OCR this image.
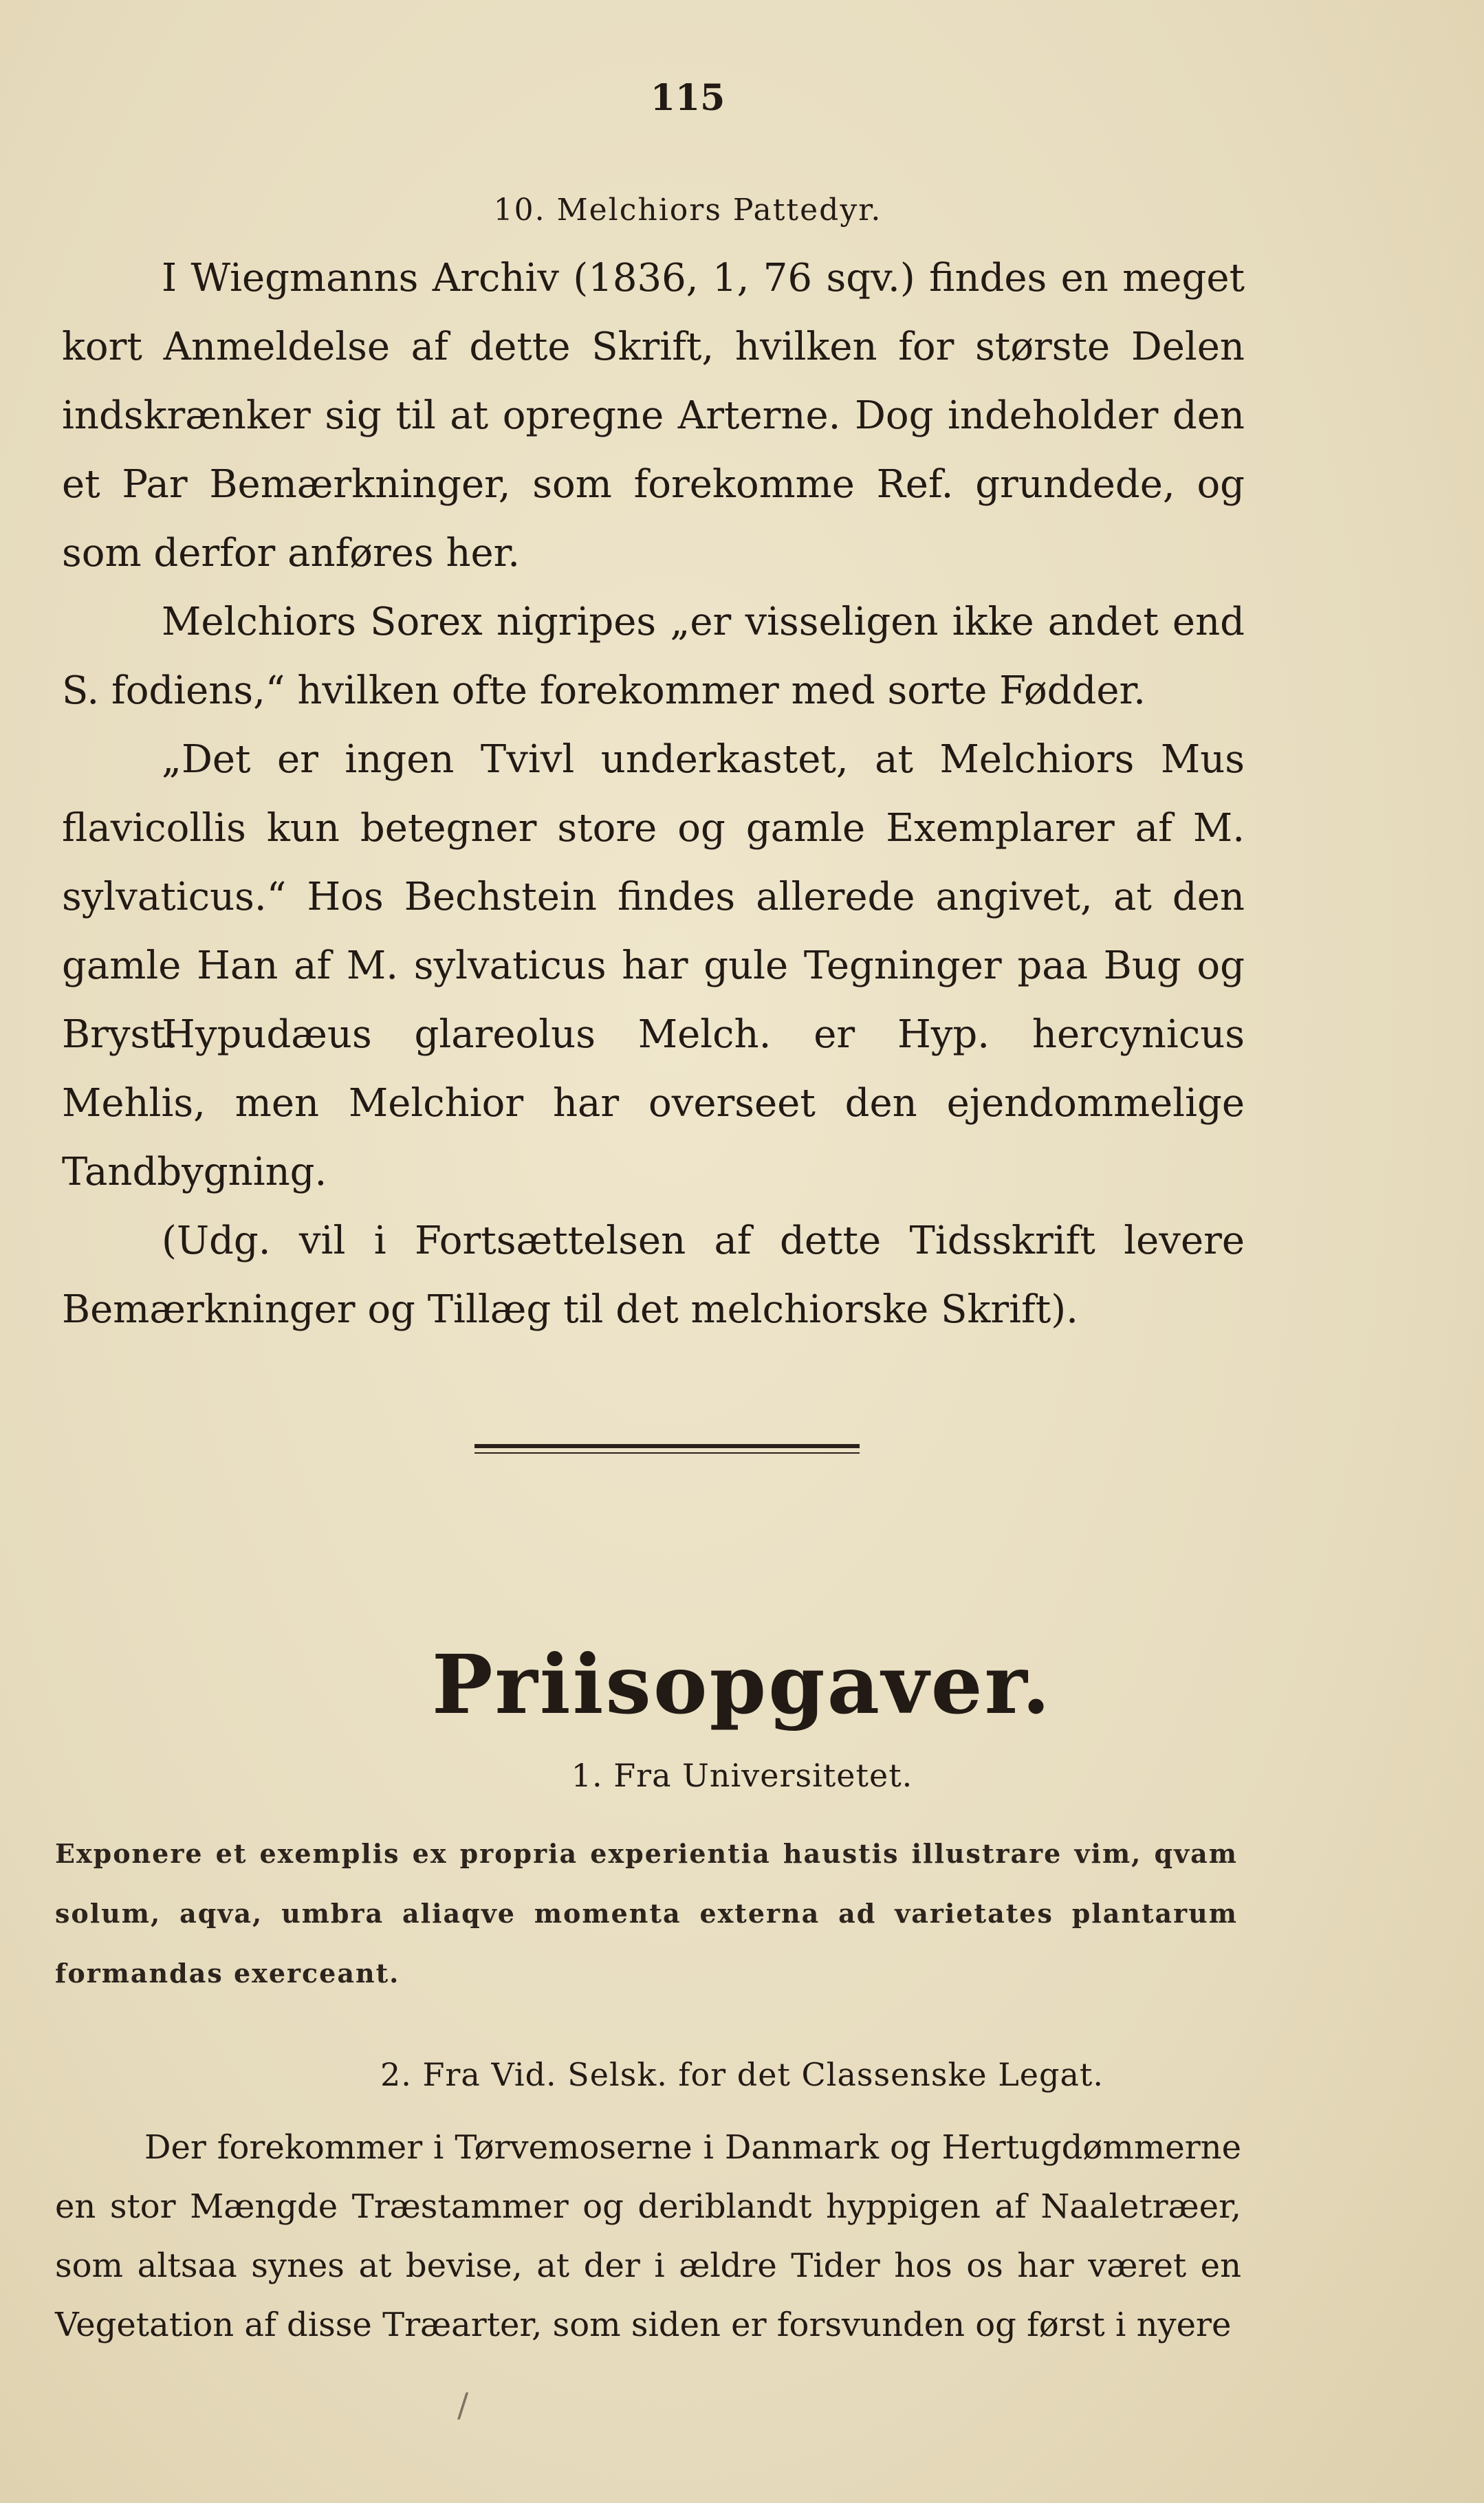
115
10. Melchiors Pattedyr.

I Wiegmanns Archiv (1836, 1, 76 sqv.) findes en meget kort Anmeldelse af dette Skrift, hvilken for største Delen indskrænker sig til at opregne Arterne. Dog indeholder den et Par Bemærkninger, som forekomme Ref. grundede, og som derfor anføres her.

Melchiors Sorex nigripes „er visseligen ikke andet end S. fodiens,“ hvilken ofte forekommer med sorte Fødder.

„Det er ingen Tvivl underkastet, at Melchiors Mus flavicollis kun betegner store og gamle Exemplarer af M. sylvaticus.“ Hos Bechstein findes allerede angivet, at den gamle Han af M. sylvaticus har gule Tegninger paa Bug og Bryst.

Hypudæus glareolus Melch. er Hyp. hercynicus Mehlis, men Melchior har overseet den ejendommelige Tandbygning.

(Udg. vil i Fortsættelsen af dette Tidsskrift levere Bemærkninger og Tillæg til det melchiorske Skrift).

Priisopgaver.
1. Fra Universitetet.
Exponere et exemplis ex propria experientia haustis illustrare vim, qvam solum, aqva, umbra aliaqve momenta externa ad varietates plantarum formandas exerceant.
2. Fra Vid. Selsk. for det Classenske Legat.
Der forekommer i Tørvemoserne i Danmark og Hertugdømmerne en stor Mængde Træstammer og deriblandt hyppigen af Naaletræer, som altsaa synes at bevise, at der i ældre Tider hos os har været en Vegetation af disse Træarter, som siden er forsvunden og først i nyere
/
